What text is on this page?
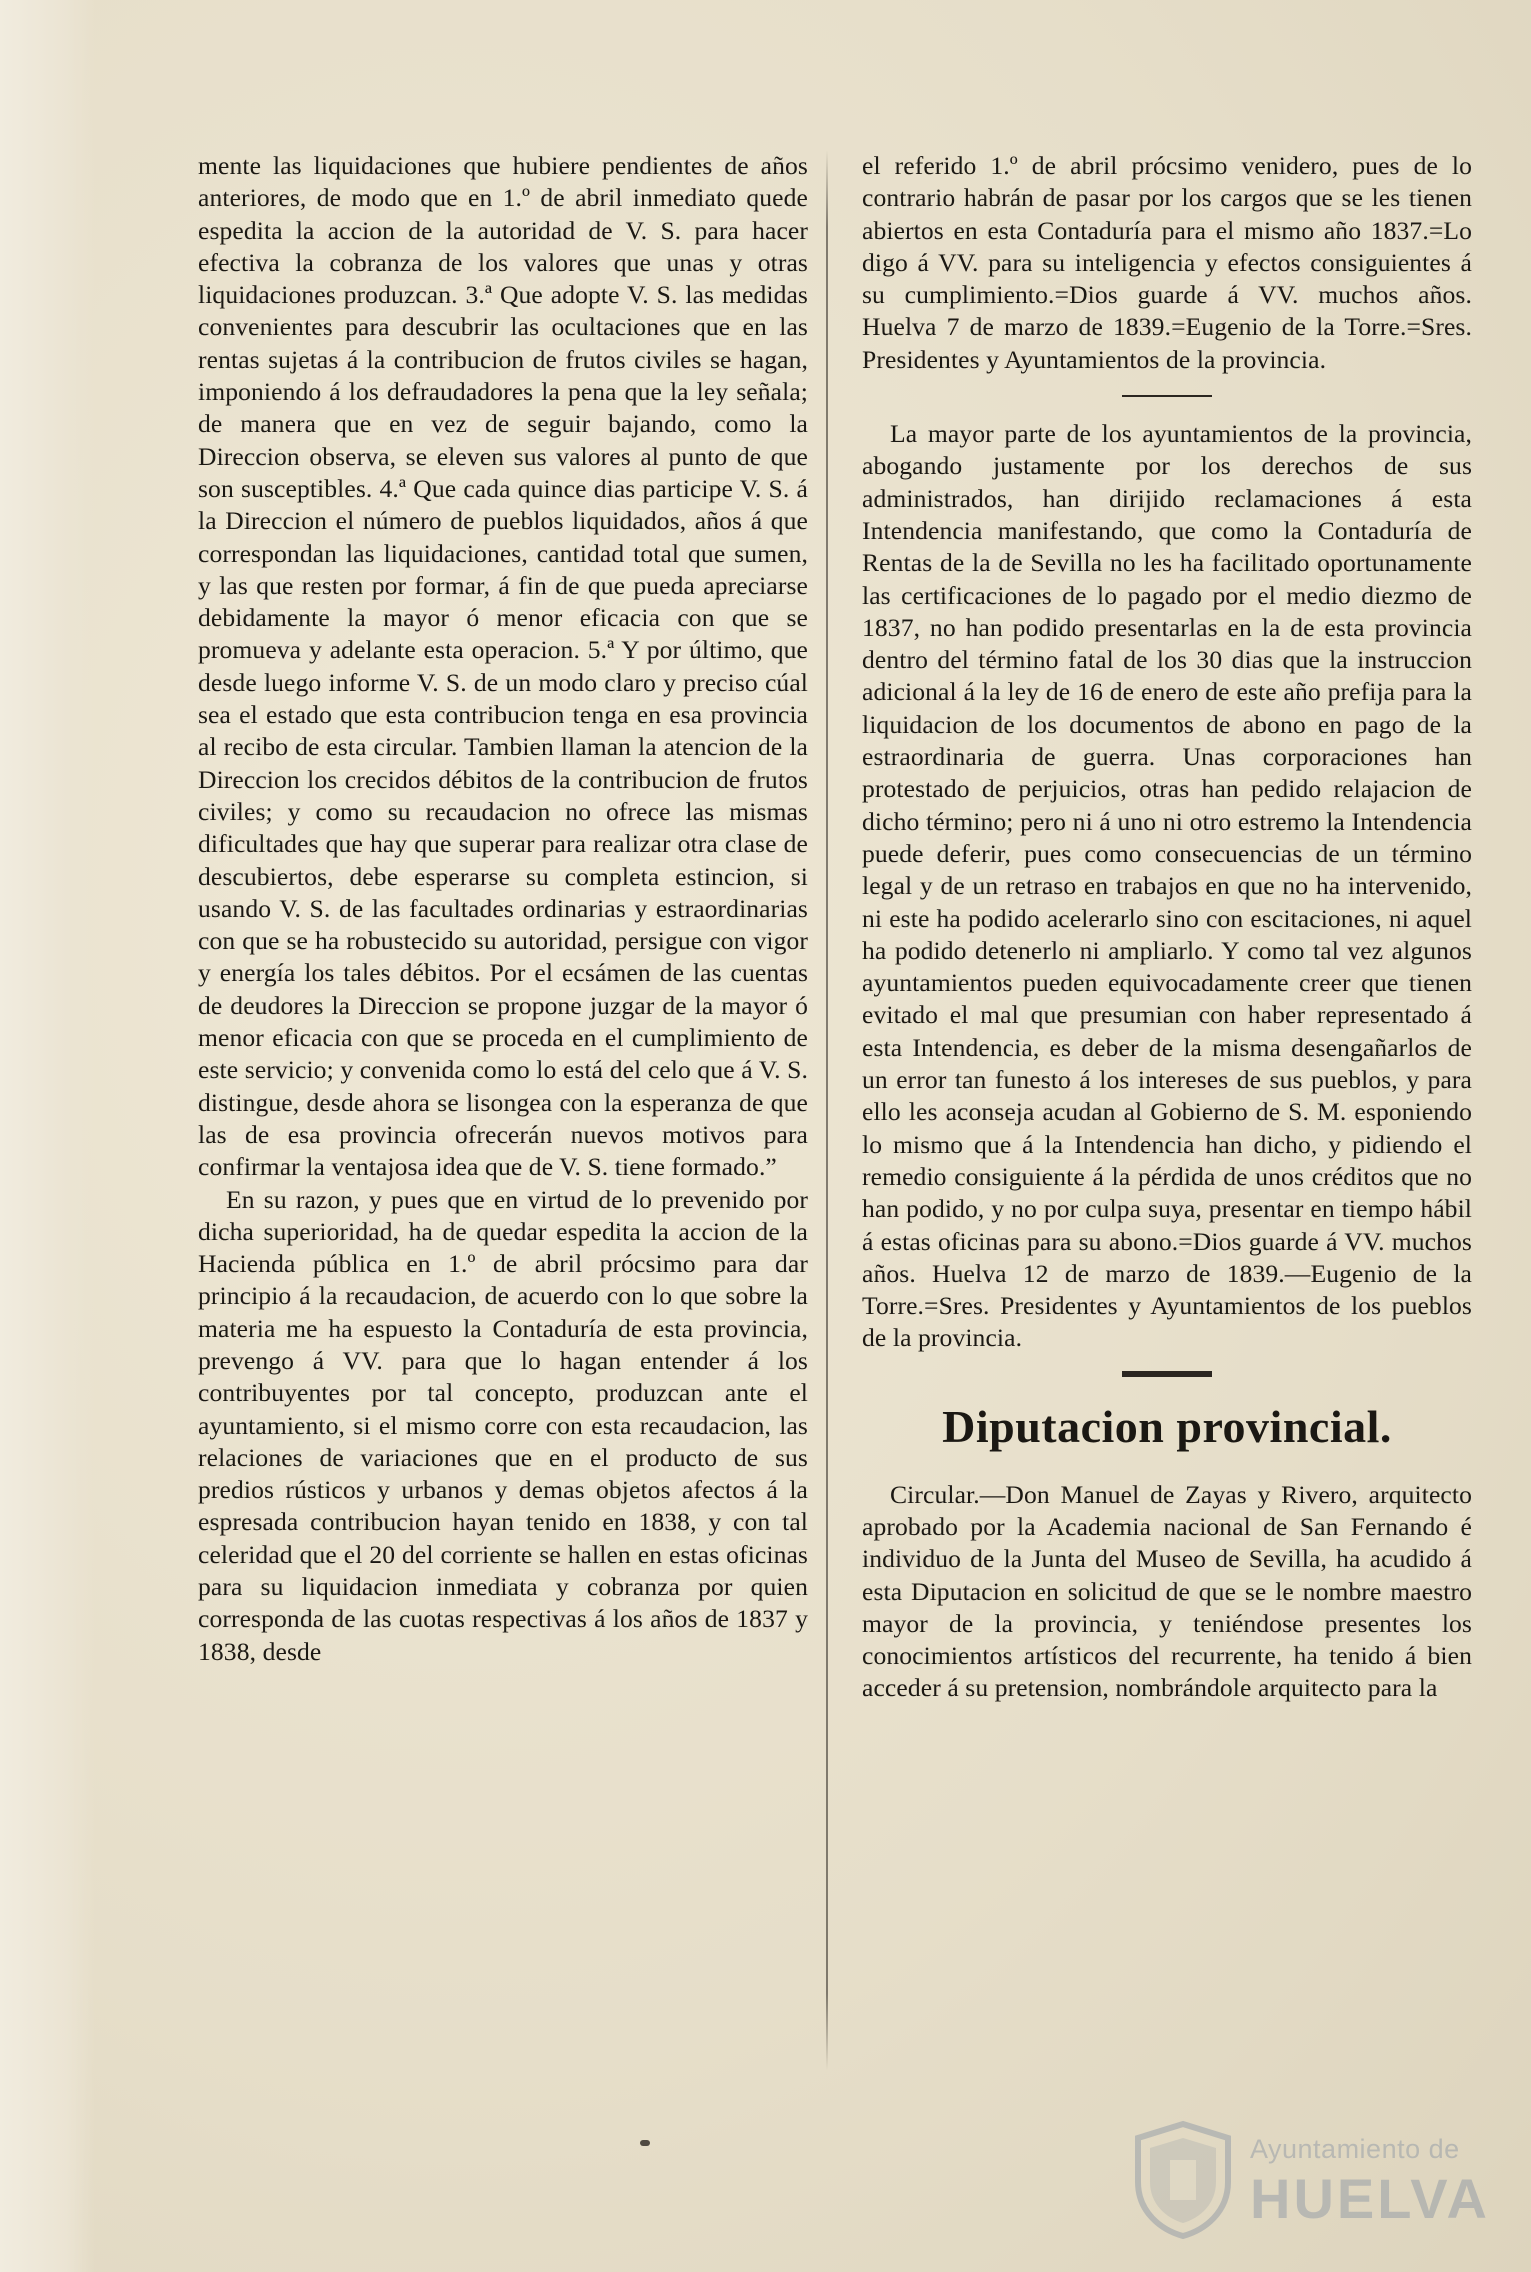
mente las liquidaciones que hubiere pendientes de años anteriores, de modo que en 1.º de abril inmediato quede espedita la accion de la autoridad de V. S. para hacer efectiva la cobranza de los valores que unas y otras liquidaciones produzcan. 3.ª Que adopte V. S. las medidas convenientes para descubrir las ocultaciones que en las rentas sujetas á la contribucion de frutos civiles se hagan, imponiendo á los defraudadores la pena que la ley señala; de manera que en vez de seguir bajando, como la Direccion observa, se eleven sus valores al punto de que son susceptibles. 4.ª Que cada quince dias participe V. S. á la Direccion el número de pueblos liquidados, años á que correspondan las liquidaciones, cantidad total que sumen, y las que resten por formar, á fin de que pueda apreciarse debidamente la mayor ó menor eficacia con que se promueva y adelante esta operacion. 5.ª Y por último, que desde luego informe V. S. de un modo claro y preciso cúal sea el estado que esta contribucion tenga en esa provincia al recibo de esta circular. Tambien llaman la atencion de la Direccion los crecidos débitos de la contribucion de frutos civiles; y como su recaudacion no ofrece las mismas dificultades que hay que superar para realizar otra clase de descubiertos, debe esperarse su completa estincion, si usando V. S. de las facultades ordinarias y estraordinarias con que se ha robustecido su autoridad, persigue con vigor y energía los tales débitos. Por el ecsámen de las cuentas de deudores la Direccion se propone juzgar de la mayor ó menor eficacia con que se proceda en el cumplimiento de este servicio; y convenida como lo está del celo que á V. S. distingue, desde ahora se lisongea con la esperanza de que las de esa provincia ofrecerán nuevos motivos para confirmar la ventajosa idea que de V. S. tiene formado.”

En su razon, y pues que en virtud de lo prevenido por dicha superioridad, ha de quedar espedita la accion de la Hacienda pública en 1.º de abril prócsimo para dar principio á la recaudacion, de acuerdo con lo que sobre la materia me ha espuesto la Contaduría de esta provincia, prevengo á VV. para que lo hagan entender á los contribuyentes por tal concepto, produzcan ante el ayuntamiento, si el mismo corre con esta recaudacion, las relaciones de variaciones que en el producto de sus predios rústicos y urbanos y demas objetos afectos á la espresada contribucion hayan tenido en 1838, y con tal celeridad que el 20 del corriente se hallen en estas oficinas para su liquidacion inmediata y cobranza por quien corresponda de las cuotas respectivas á los años de 1837 y 1838, desde

el referido 1.º de abril prócsimo venidero, pues de lo contrario habrán de pasar por los cargos que se les tienen abiertos en esta Contaduría para el mismo año 1837.=Lo digo á VV. para su inteligencia y efectos consiguientes á su cumplimiento.=Dios guarde á VV. muchos años. Huelva 7 de marzo de 1839.=Eugenio de la Torre.=Sres. Presidentes y Ayuntamientos de la provincia.

La mayor parte de los ayuntamientos de la provincia, abogando justamente por los derechos de sus administrados, han dirijido reclamaciones á esta Intendencia manifestando, que como la Contaduría de Rentas de la de Sevilla no les ha facilitado oportunamente las certificaciones de lo pagado por el medio diezmo de 1837, no han podido presentarlas en la de esta provincia dentro del término fatal de los 30 dias que la instruccion adicional á la ley de 16 de enero de este año prefija para la liquidacion de los documentos de abono en pago de la estraordinaria de guerra. Unas corporaciones han protestado de perjuicios, otras han pedido relajacion de dicho término; pero ni á uno ni otro estremo la Intendencia puede deferir, pues como consecuencias de un término legal y de un retraso en trabajos en que no ha intervenido, ni este ha podido acelerarlo sino con escitaciones, ni aquel ha podido detenerlo ni ampliarlo. Y como tal vez algunos ayuntamientos pueden equivocadamente creer que tienen evitado el mal que presumian con haber representado á esta Intendencia, es deber de la misma desengañarlos de un error tan funesto á los intereses de sus pueblos, y para ello les aconseja acudan al Gobierno de S. M. esponiendo lo mismo que á la Intendencia han dicho, y pidiendo el remedio consiguiente á la pérdida de unos créditos que no han podido, y no por culpa suya, presentar en tiempo hábil á estas oficinas para su abono.=Dios guarde á VV. muchos años. Huelva 12 de marzo de 1839.—Eugenio de la Torre.=Sres. Presidentes y Ayuntamientos de los pueblos de la provincia.

Diputacion provincial.

Circular.—Don Manuel de Zayas y Rivero, arquitecto aprobado por la Academia nacional de San Fernando é individuo de la Junta del Museo de Sevilla, ha acudido á esta Diputacion en solicitud de que se le nombre maestro mayor de la provincia, y teniéndose presentes los conocimientos artísticos del recurrente, ha tenido á bien acceder á su pretension, nombrándole arquitecto para la

Ayuntamiento de
HUELVA
